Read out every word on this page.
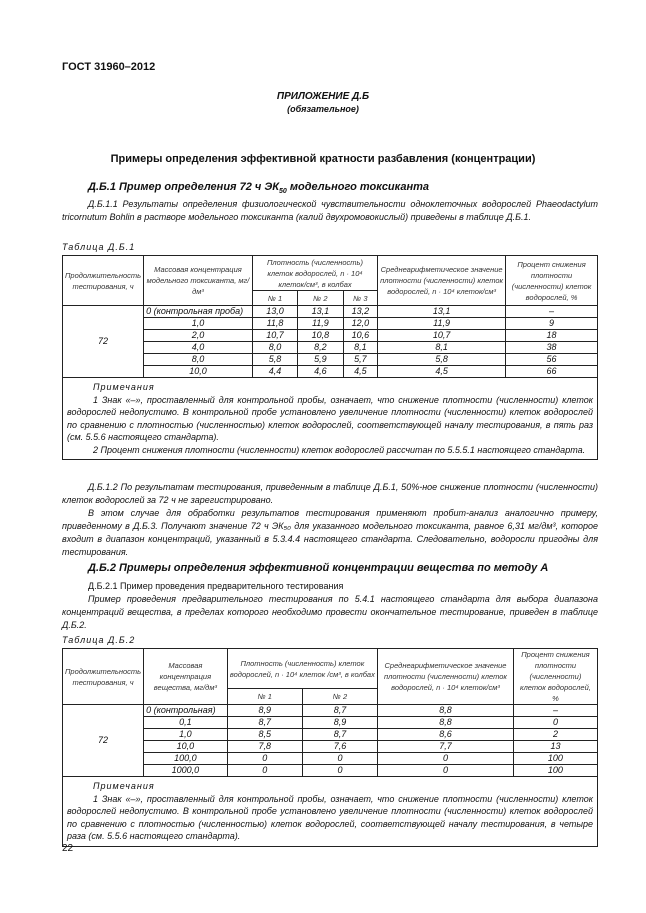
ГОСТ 31960–2012
ПРИЛОЖЕНИЕ Д.Б
(обязательное)
Примеры определения эффективной кратности разбавления (концентрации)
Д.Б.1 Пример определения 72 ч $ЭК_{50}$ модельного токсиканта

Д.Б.1.1 Результаты определения физиологической чувствительности одноклеточных водорослей Phaeodactylum tricornutum Bohlin в растворе модельного токсиканта (калий двухромовокислый) приведены в таблице Д.Б.1.

Таблица Д.Б.1
Продолжительность тестирования, ч	Массовая концентрация модельного токсиканта, мг/дм³	Плотность (численность) клеток водорослей, n · 10⁴ клеток/см³, в колбах			Среднеарифметическое значение плотности (численности) клеток водорослей, n · 10⁴ клеток/см³	Процент снижения плотности (численности) клеток водорослей, %
		№ 1	№ 2	№ 3		
72	0 (контрольная проба)	13,0	13,1	13,2	13,1	–
	1,0	11,8	11,9	12,0	11,9	9
	2,0	10,7	10,8	10,6	10,7	18
	4,0	8,0	8,2	8,1	8,1	38
	8,0	5,8	5,9	5,7	5,8	56
	10,0	4,4	4,6	4,5	4,5	66

Примечания

1 Знак «–», проставленный для контрольной пробы, означает, что снижение плотности (численности) клеток водорослей недопустимо. В контрольной пробе установлено увеличение плотности (численности) клеток водорослей по сравнению с плотностью (численностью) клеток водорослей, соответствующей началу тестирования, в пять раз (см. 5.5.6 настоящего стандарта).

2 Процент снижения плотности (численности) клеток водорослей рассчитан по 5.5.5.1 настоящего стандарта.						

Д.Б.1.2 По результатам тестирования, приведенным в таблице Д.Б.1, 50%-ное снижение плотности (численности) клеток водорослей за 72 ч не зарегистрировано.

В этом случае для обработки результатов тестирования применяют пробит-анализ аналогично примеру, приведенному в Д.Б.3. Получают значение 72 ч ЭК₅₀ для указанного модельного токсиканта, равное 6,31 мг/дм³, которое входит в диапазон концентраций, указанный в 5.3.4.4 настоящего стандарта. Следовательно, водоросли пригодны для тестирования.

Д.Б.2 Примеры определения эффективной концентрации вещества по методу А

Д.Б.2.1 Пример проведения предварительного тестирования

Пример проведения предварительного тестирования по 5.4.1 настоящего стандарта для выбора диапазона концентраций вещества, в пределах которого необходимо провести окончательное тестирование, приведен в таблице Д.Б.2.

Таблица Д.Б.2
Продолжительность тестирования, ч	Массовая концентрация вещества, мг/дм³	Плотность (численность) клеток водорослей, n · 10⁴ клеток /см³, в колбах		Среднеарифметическое значение плотности (численности) клеток водорослей, n · 10⁴ клеток/см³	Процент снижения плотности (численности) клеток водорослей, %
		№ 1	№ 2		
72	0 (контрольная)	8,9	8,7	8,8	–
	0,1	8,7	8,9	8,8	0
	1,0	8,5	8,7	8,6	2
	10,0	7,8	7,6	7,7	13
	100,0	0	0	0	100
	1000,0	0	0	0	100

Примечания

1 Знак «–», проставленный для контрольной пробы, означает, что снижение плотности (численности) клеток водорослей недопустимо. В контрольной пробе установлено увеличение плотности (численности) клеток водорослей по сравнению с плотностью (численностью) клеток водорослей, соответствующей началу тестирования, в четыре раза (см. 5.5.6 настоящего стандарта).					

22
